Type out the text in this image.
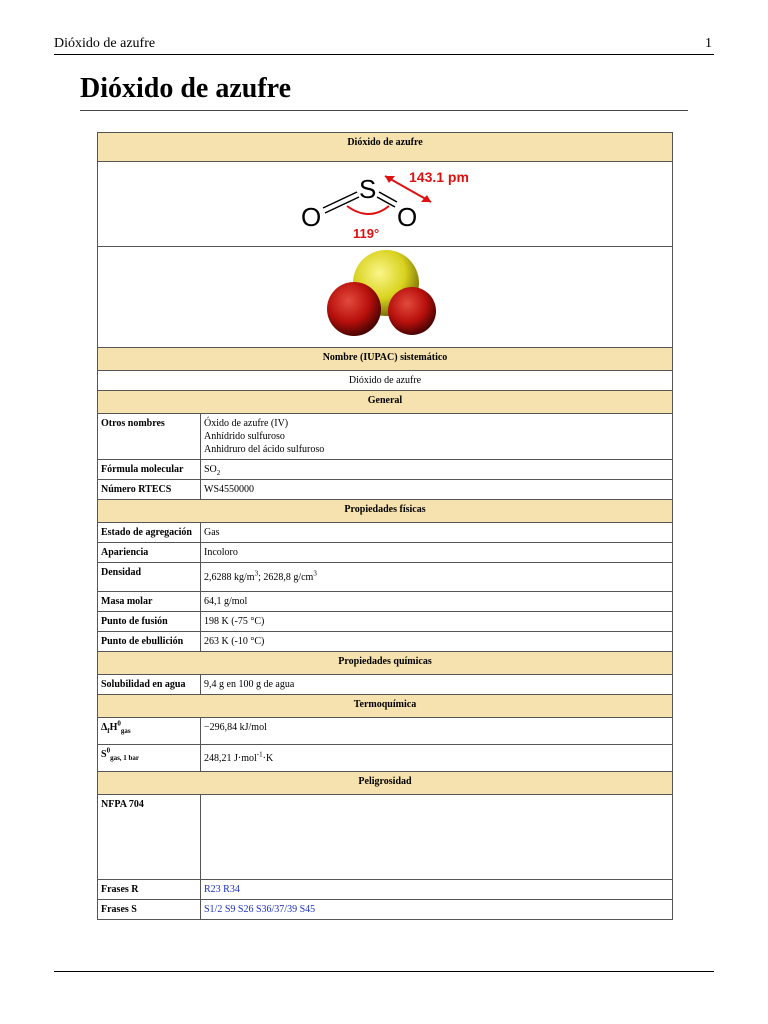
Dióxido de azufre	1
Dióxido de azufre
Dióxido de azufre	

S
O O
143.1 pm
119°	

Nombre (IUPAC) sistemático	
Dióxido de azufre	
General	
Otros nombres	Óxido de azufre (IV)
Anhídrido sulfuroso
Anhidruro del ácido sulfuroso

Fórmula molecular	$SO_2$
Número RTECS	WS4550000
Propiedades físicas	
Estado de agregación	Gas
Apariencia	Incoloro
Densidad	2,6288 $kg/m^3$; 2628,8 $g/cm^3$
Masa molar	64,1 g/mol
Punto de fusión	198 K (-75 °C)
Punto de ebullición	263 K (-10 °C)
Propiedades químicas	
Solubilidad en agua	9,4 g en 100 g de agua
Termoquímica	
$\Delta_fH^0_{gas}$	−296,84 kJ/mol
$S^0_{gas, 1 bar}$	248,21 J·mol$^{-1}$·K
Peligrosidad	
NFPA 704	
Frases R	R23 R34
Frases S	S1/2 S9 S26 S36/37/39 S45
